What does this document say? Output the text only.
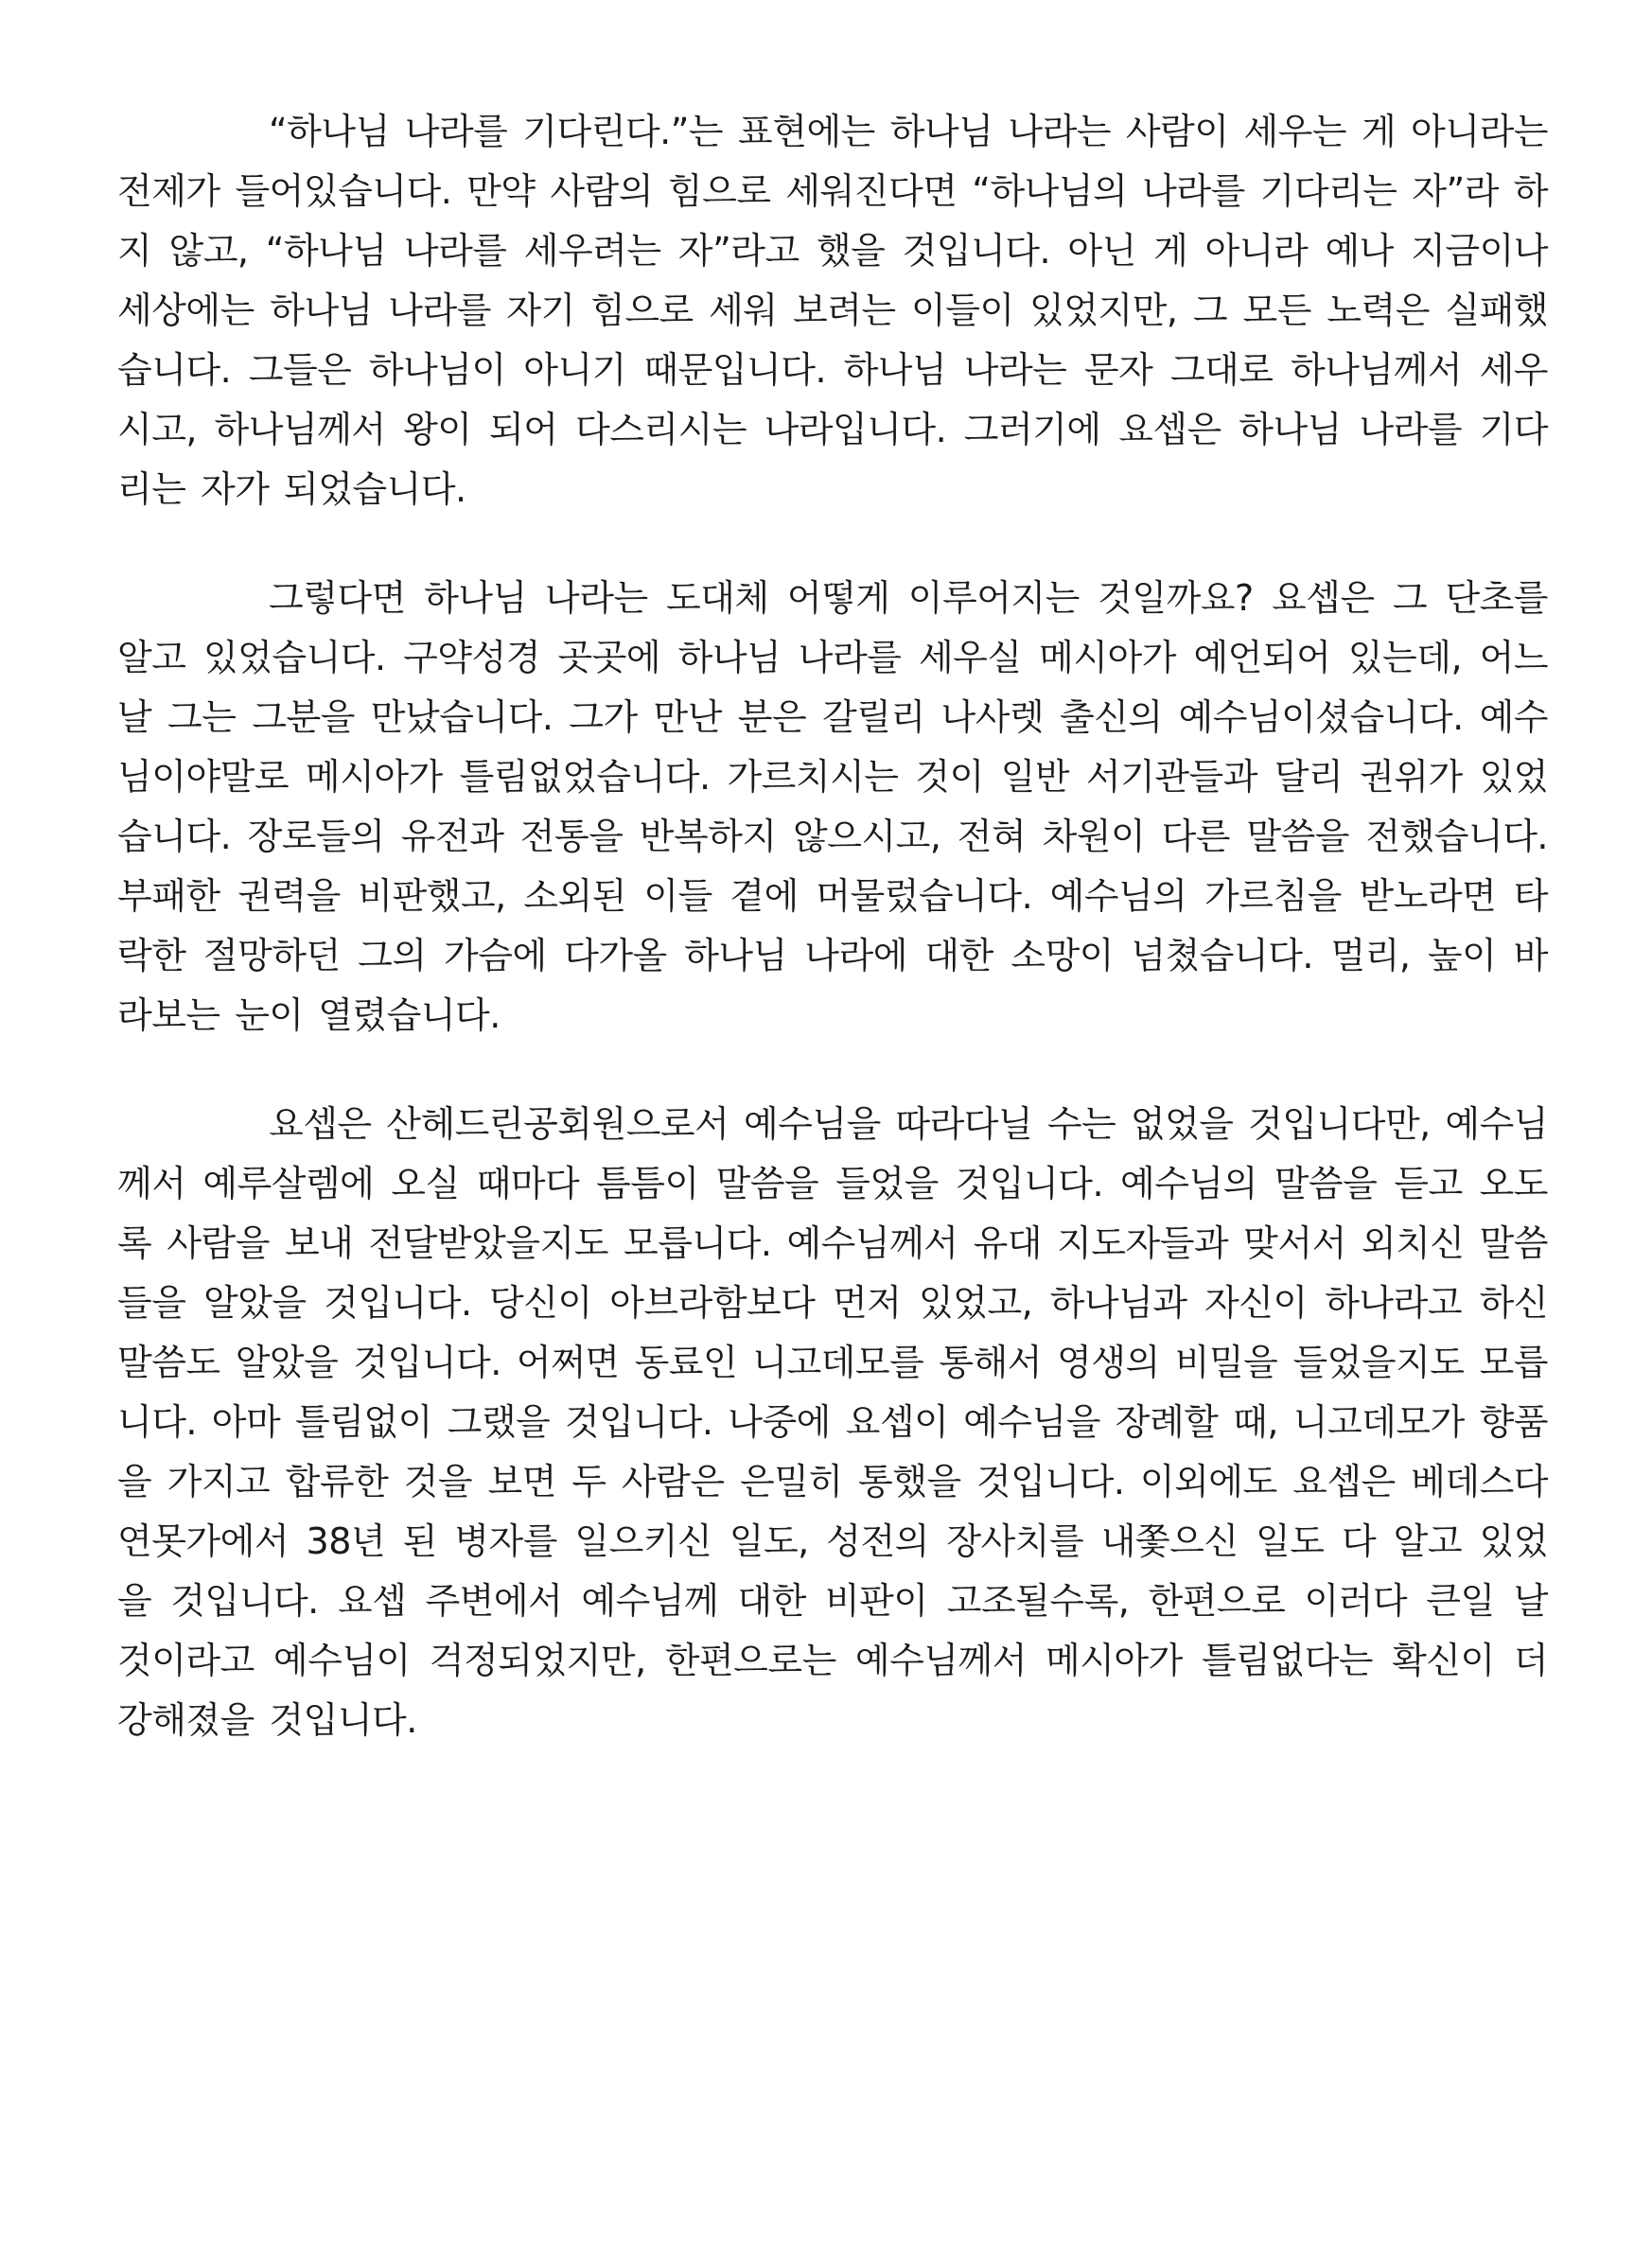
“하나님 나라를 기다린다.”는 표현에는 하나님 나라는 사람이 세우는 게 아니라는 전제가 들어있습니다. 만약 사람의 힘으로 세워진다면 “하나님의 나라를 기다리는 자”라 하지 않고, “하나님 나라를 세우려는 자”라고 했을 것입니다. 아닌 게 아니라 예나 지금이나 세상에는 하나님 나라를 자기 힘으로 세워 보려는 이들이 있었지만, 그 모든 노력은 실패했습니다. 그들은 하나님이 아니기 때문입니다. 하나님 나라는 문자 그대로 하나님께서 세우시고, 하나님께서 왕이 되어 다스리시는 나라입니다. 그러기에 요셉은 하나님 나라를 기다리는 자가 되었습니다.

그렇다면 하나님 나라는 도대체 어떻게 이루어지는 것일까요? 요셉은 그 단초를 알고 있었습니다. 구약성경 곳곳에 하나님 나라를 세우실 메시아가 예언되어 있는데, 어느 날 그는 그분을 만났습니다. 그가 만난 분은 갈릴리 나사렛 출신의 예수님이셨습니다. 예수님이야말로 메시아가 틀림없었습니다. 가르치시는 것이 일반 서기관들과 달리 권위가 있었습니다. 장로들의 유전과 전통을 반복하지 않으시고, 전혀 차원이 다른 말씀을 전했습니다. 부패한 권력을 비판했고, 소외된 이들 곁에 머물렀습니다. 예수님의 가르침을 받노라면 타락한 절망하던 그의 가슴에 다가올 하나님 나라에 대한 소망이 넘쳤습니다. 멀리, 높이 바라보는 눈이 열렸습니다.

요셉은 산헤드린공회원으로서 예수님을 따라다닐 수는 없었을 것입니다만, 예수님께서 예루살렘에 오실 때마다 틈틈이 말씀을 들었을 것입니다. 예수님의 말씀을 듣고 오도록 사람을 보내 전달받았을지도 모릅니다. 예수님께서 유대 지도자들과 맞서서 외치신 말씀들을 알았을 것입니다. 당신이 아브라함보다 먼저 있었고, 하나님과 자신이 하나라고 하신 말씀도 알았을 것입니다. 어쩌면 동료인 니고데모를 통해서 영생의 비밀을 들었을지도 모릅니다. 아마 틀림없이 그랬을 것입니다. 나중에 요셉이 예수님을 장례할 때, 니고데모가 향품을 가지고 합류한 것을 보면 두 사람은 은밀히 통했을 것입니다. 이외에도 요셉은 베데스다 연못가에서 38년 된 병자를 일으키신 일도, 성전의 장사치를 내쫓으신 일도 다 알고 있었을 것입니다. 요셉 주변에서 예수님께 대한 비판이 고조될수록, 한편으로 이러다 큰일 날 것이라고 예수님이 걱정되었지만, 한편으로는 예수님께서 메시아가 틀림없다는 확신이 더 강해졌을 것입니다.
